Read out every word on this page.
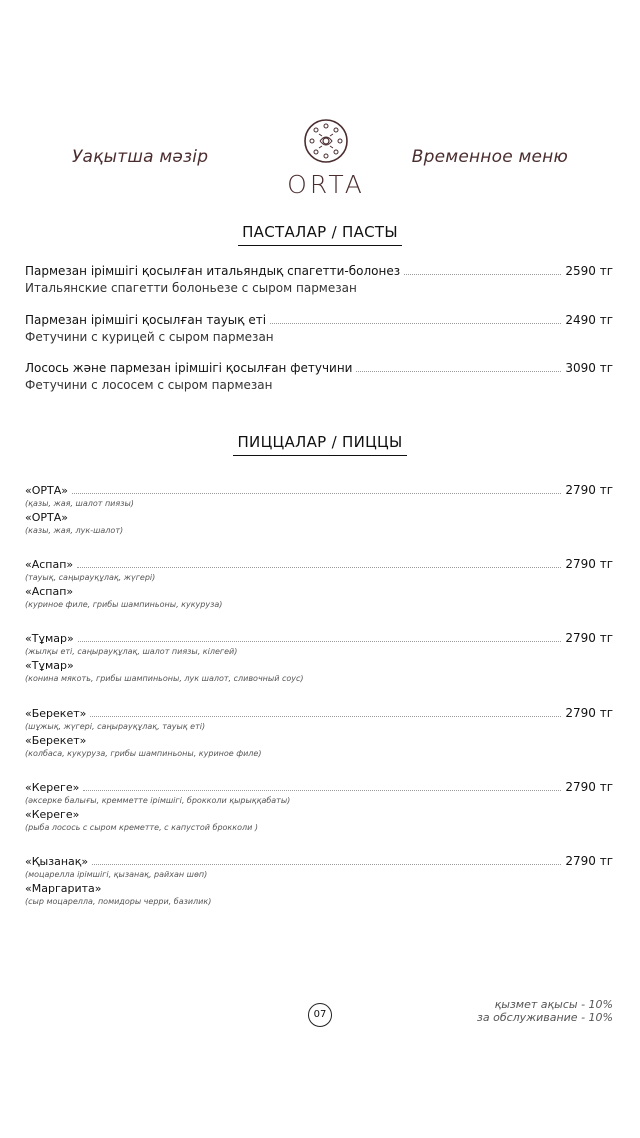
Уақытша мәзір	Временное меню
ORTA
ПАСТАЛАР / ПАСТЫ
Пармезан ірімшігі қосылған итальяндық спагетти-болонез	2590 тг
Итальянские спагетти болоньезе с сыром пармезан
Пармезан ірімшігі қосылған тауық еті	2490 тг
Фетучини с курицей с сыром пармезан
Лосось және пармезан ірімшігі қосылған фетучини	3090 тг
Фетучини с лососем с сыром пармезан
ПИЦЦАЛАР / ПИЦЦЫ
«ОРТА»	2790 тг
(қазы, жая, шалот пиязы)
«ОРТА»
(казы, жая, лук-шалот)
«Аспап»	2790 тг
(тауық, саңырауқұлақ, жүгері)
«Аспап»
(куриное филе, грибы шампиньоны, кукуруза)
«Тұмар»	2790 тг
(жылқы еті, саңырауқұлақ, шалот пиязы, кілегей)
«Тұмар»
(конина мякоть, грибы шампиньоны, лук шалот, сливочный соус)
«Берекет»	2790 тг
(шұжық, жүгері, саңырауқұлақ, тауық еті)
«Берекет»
(колбаса, кукуруза, грибы шампиньоны, куриное филе)
«Кереге»	2790 тг
(әксерке балығы, кремметте ірімшігі, брокколи қырыққабаты)
«Кереге»
(рыба лосось с сыром креметте, с капустой брокколи )
«Қызанақ»	2790 тг
(моцарелла ірімшігі, қызанақ, райхан шөп)
«Маргарита»
(сыр моцарелла, помидоры черри, базилик)
07
қызмет ақысы - 10%
за обслуживание - 10%
